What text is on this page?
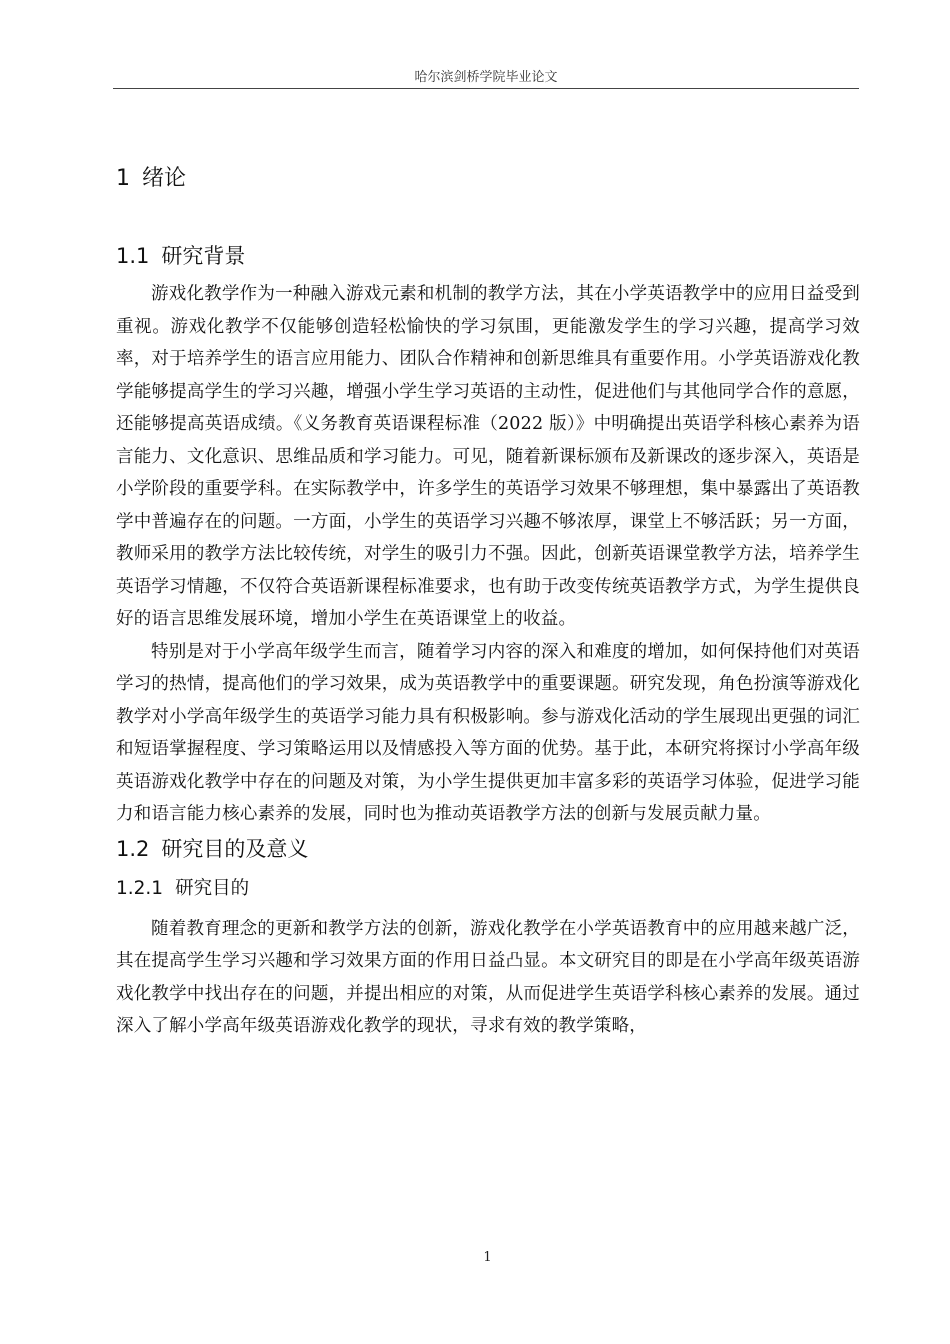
哈尔滨剑桥学院毕业论文
1 绪论
1.1 研究背景

游戏化教学作为一种融入游戏元素和机制的教学方法，其在小学英语教学中的应用日益受到重视。游戏化教学不仅能够创造轻松愉快的学习氛围，更能激发学生的学习兴趣，提高学习效率，对于培养学生的语言应用能力、团队合作精神和创新思维具有重要作用。小学英语游戏化教学能够提高学生的学习兴趣，增强小学生学习英语的主动性，促进他们与其他同学合作的意愿，还能够提高英语成绩。《义务教育英语课程标准（2022 版）》中明确提出英语学科核心素养为语言能力、文化意识、思维品质和学习能力。可见，随着新课标颁布及新课改的逐步深入，英语是小学阶段的重要学科。在实际教学中，许多学生的英语学习效果不够理想，集中暴露出了英语教学中普遍存在的问题。一方面，小学生的英语学习兴趣不够浓厚，课堂上不够活跃；另一方面，教师采用的教学方法比较传统，对学生的吸引力不强。因此，创新英语课堂教学方法，培养学生英语学习情趣，不仅符合英语新课程标准要求，也有助于改变传统英语教学方式，为学生提供良好的语言思维发展环境，增加小学生在英语课堂上的收益。

特别是对于小学高年级学生而言，随着学习内容的深入和难度的增加，如何保持他们对英语学习的热情，提高他们的学习效果，成为英语教学中的重要课题。研究发现，角色扮演等游戏化教学对小学高年级学生的英语学习能力具有积极影响。参与游戏化活动的学生展现出更强的词汇和短语掌握程度、学习策略运用以及情感投入等方面的优势。基于此，本研究将探讨小学高年级英语游戏化教学中存在的问题及对策，为小学生提供更加丰富多彩的英语学习体验，促进学习能力和语言能力核心素养的发展，同时也为推动英语教学方法的创新与发展贡献力量。

1.2 研究目的及意义
1.2.1 研究目的

随着教育理念的更新和教学方法的创新，游戏化教学在小学英语教育中的应用越来越广泛，其在提高学生学习兴趣和学习效果方面的作用日益凸显。本文研究目的即是在小学高年级英语游戏化教学中找出存在的问题，并提出相应的对策，从而促进学生英语学科核心素养的发展。通过深入了解小学高年级英语游戏化教学的现状，寻求有效的教学策略，

1
